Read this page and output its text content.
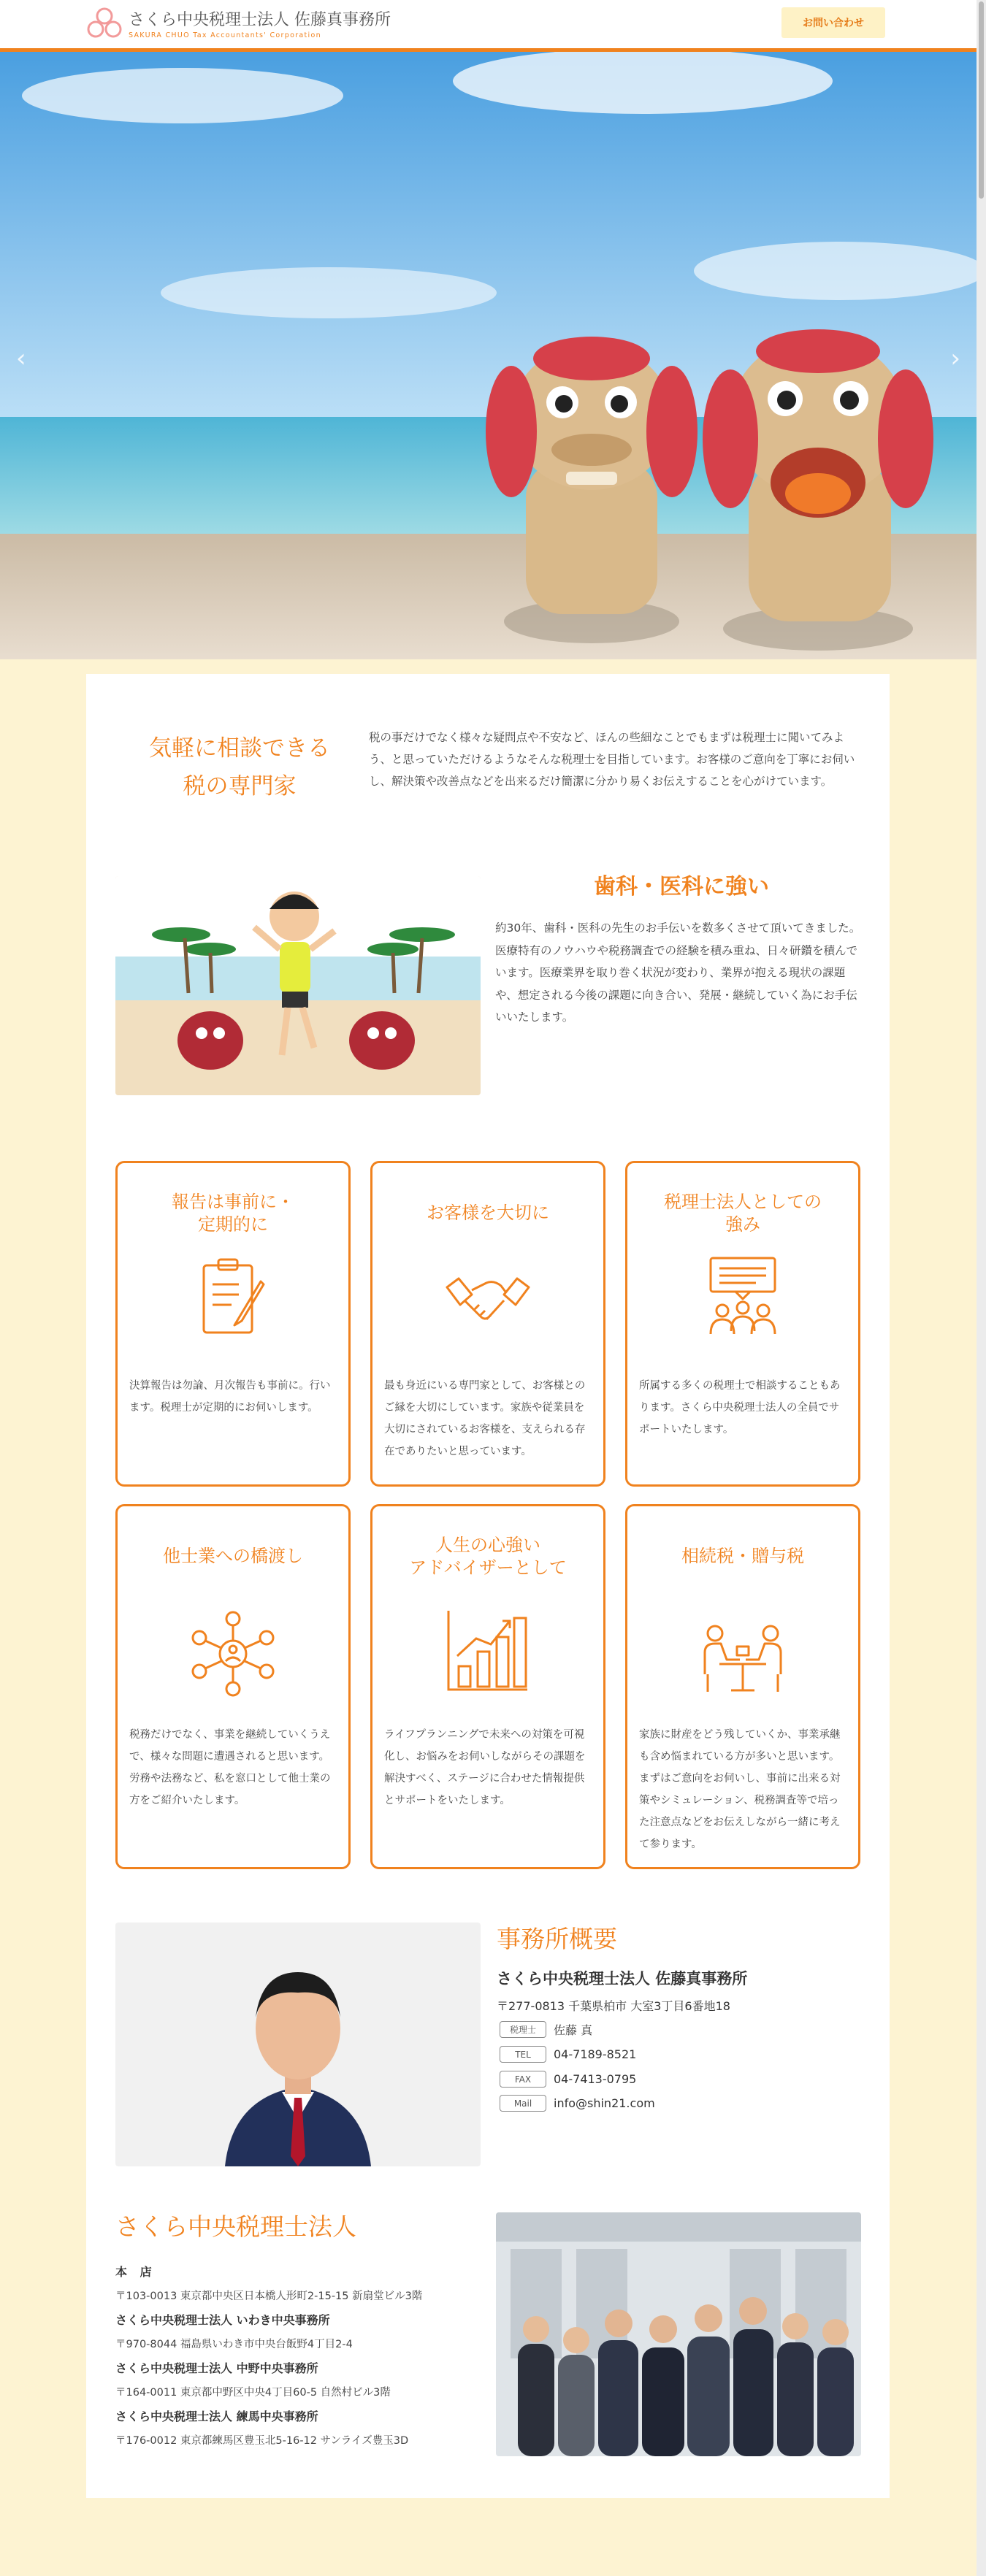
さくら中央税理士法人 佐藤真事務所
SAKURA CHUO Tax Accountants' Corporation
お問い合わせ
‹	›
気軽に相談できる
税の専門家
税の事だけでなく様々な疑問点や不安など、ほんの些細なことでもまずは税理士に聞いてみよう、と思っていただけるようなそんな税理士を目指しています。お客様のご意向を丁寧にお伺いし、解決策や改善点などを出来るだけ簡潔に分かり易くお伝えすることを心がけています。
歯科・医科に強い
約30年、歯科・医科の先生のお手伝いを数多くさせて頂いてきました。医療特有のノウハウや税務調査での経験を積み重ね、日々研鑽を積んでいます。医療業界を取り巻く状況が変わり、業界が抱える現状の課題や、想定される今後の課題に向き合い、発展・継続していく為にお手伝いいたします。
報告は事前に・
定期的に
決算報告は勿論、月次報告も事前に。行います。税理士が定期的にお伺いします。
お客様を大切に
最も身近にいる専門家として、お客様とのご縁を大切にしています。家族や従業員を大切にされているお客様を、支えられる存在でありたいと思っています。
税理士法人としての
強み
所属する多くの税理士で相談することもあります。さくら中央税理士法人の全員でサポートいたします。
他士業への橋渡し
税務だけでなく、事業を継続していくうえで、様々な問題に遭遇されると思います。労務や法務など、私を窓口として他士業の方をご紹介いたします。
人生の心強い
アドバイザーとして
ライフプランニングで未来への対策を可視化し、お悩みをお伺いしながらその課題を解決すべく、ステージに合わせた情報提供とサポートをいたします。
相続税・贈与税
家族に財産をどう残していくか、事業承継も含め悩まれている方が多いと思います。まずはご意向をお伺いし、事前に出来る対策やシミュレーション、税務調査等で培った注意点などをお伝えしながら一緒に考えて参ります。
事務所概要
さくら中央税理士法人 佐藤真事務所
〒277-0813 千葉県柏市 大室3丁目6番地18
税理士	佐藤 真
TEL	04-7189-8521
FAX	04-7413-0795
Mail	info@shin21.com
さくら中央税理士法人
本 店
〒103-0013 東京都中央区日本橋人形町2-15-15 新扇堂ビル3階
さくら中央税理士法人 いわき中央事務所
〒970-8044 福島県いわき市中央台飯野4丁目2-4
さくら中央税理士法人 中野中央事務所
〒164-0011 東京都中野区中央4丁目60-5 自然村ビル3階
さくら中央税理士法人 練馬中央事務所
〒176-0012 東京都練馬区豊玉北5-16-12 サンライズ豊玉3D
